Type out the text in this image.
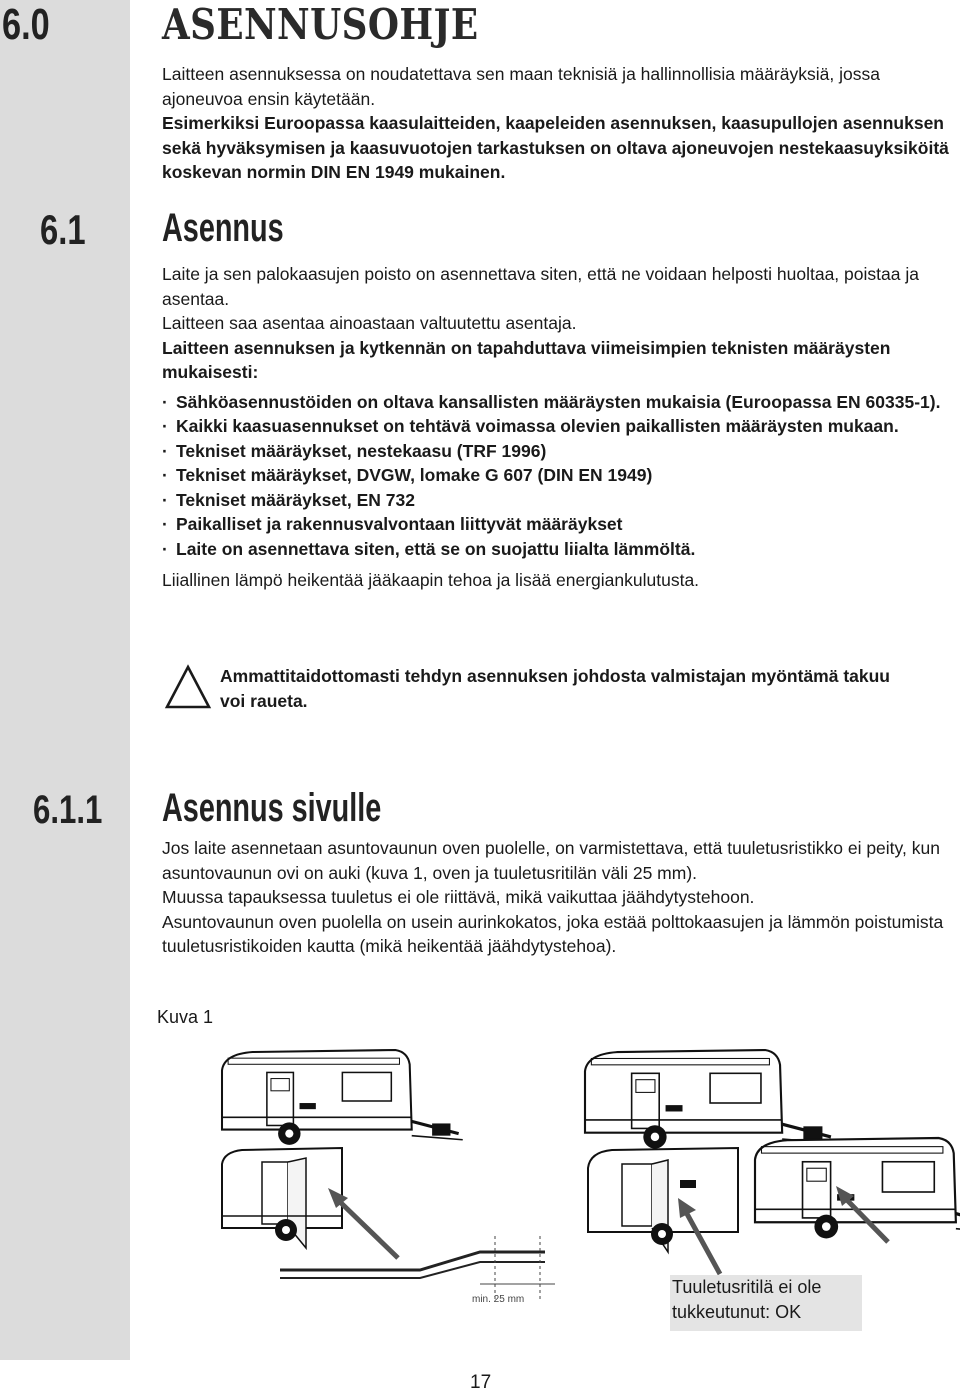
6.0	ASENNUSOHJE

Laitteen asennuksessa on noudatettava sen maan teknisiä ja hallinnollisia määräyksiä, jossa ajoneuvoa ensin käytetään.

Esimerkiksi Euroopassa kaasulaitteiden, kaapeleiden asennuksen, kaasupullojen asennuksen sekä hyväksymisen ja kaasuvuotojen tarkastuksen on oltava ajoneuvojen nestekaasuyksiköitä koskevan normin DIN EN 1949 mukainen.

6.1 Asennus

Laite ja sen palokaasujen poisto on asennettava siten, että ne voidaan helposti huoltaa, poistaa ja asentaa.

Laitteen saa asentaa ainoastaan valtuutettu asentaja.

Laitteen asennuksen ja kytkennän on tapahduttava viimeisimpien teknisten määräysten mukaisesti:

· Sähköasennustöiden on oltava kansallisten määräysten mukaisia (Euroopassa EN 60335-1).
· Kaikki kaasuasennukset on tehtävä voimassa olevien paikallisten määräysten mukaan.
· Tekniset määräykset, nestekaasu (TRF 1996)
· Tekniset määräykset, DVGW, lomake G 607 (DIN EN 1949)
· Tekniset määräykset, EN 732
· Paikalliset ja rakennusvalvontaan liittyvät määräykset
· Laite on asennettava siten, että se on suojattu liialta lämmöltä.

Liiallinen lämpö heikentää jääkaapin tehoa ja lisää energiankulutusta.

Ammattitaidottomasti tehdyn asennuksen johdosta valmistajan myöntämä takuu voi raueta.
6.1.1 Asennus sivulle

Jos laite asennetaan asuntovaunun oven puolelle, on varmistettava, että tuuletusristikko ei peity, kun asuntovaunun ovi on auki (kuva 1, oven ja tuuletusritilän väli 25 mm).

Muussa tapauksessa tuuletus ei ole riittävä, mikä vaikuttaa jäähdytystehoon.

Asuntovaunun oven puolella on usein aurinkokatos, joka estää polttokaasujen ja lämmön poistumista tuuletusristikoiden kautta (mikä heikentää jäähdytystehoa).

Kuva 1
min. 25 mm
Tuuletusritilä ei ole tukkeutunut: OK
17
